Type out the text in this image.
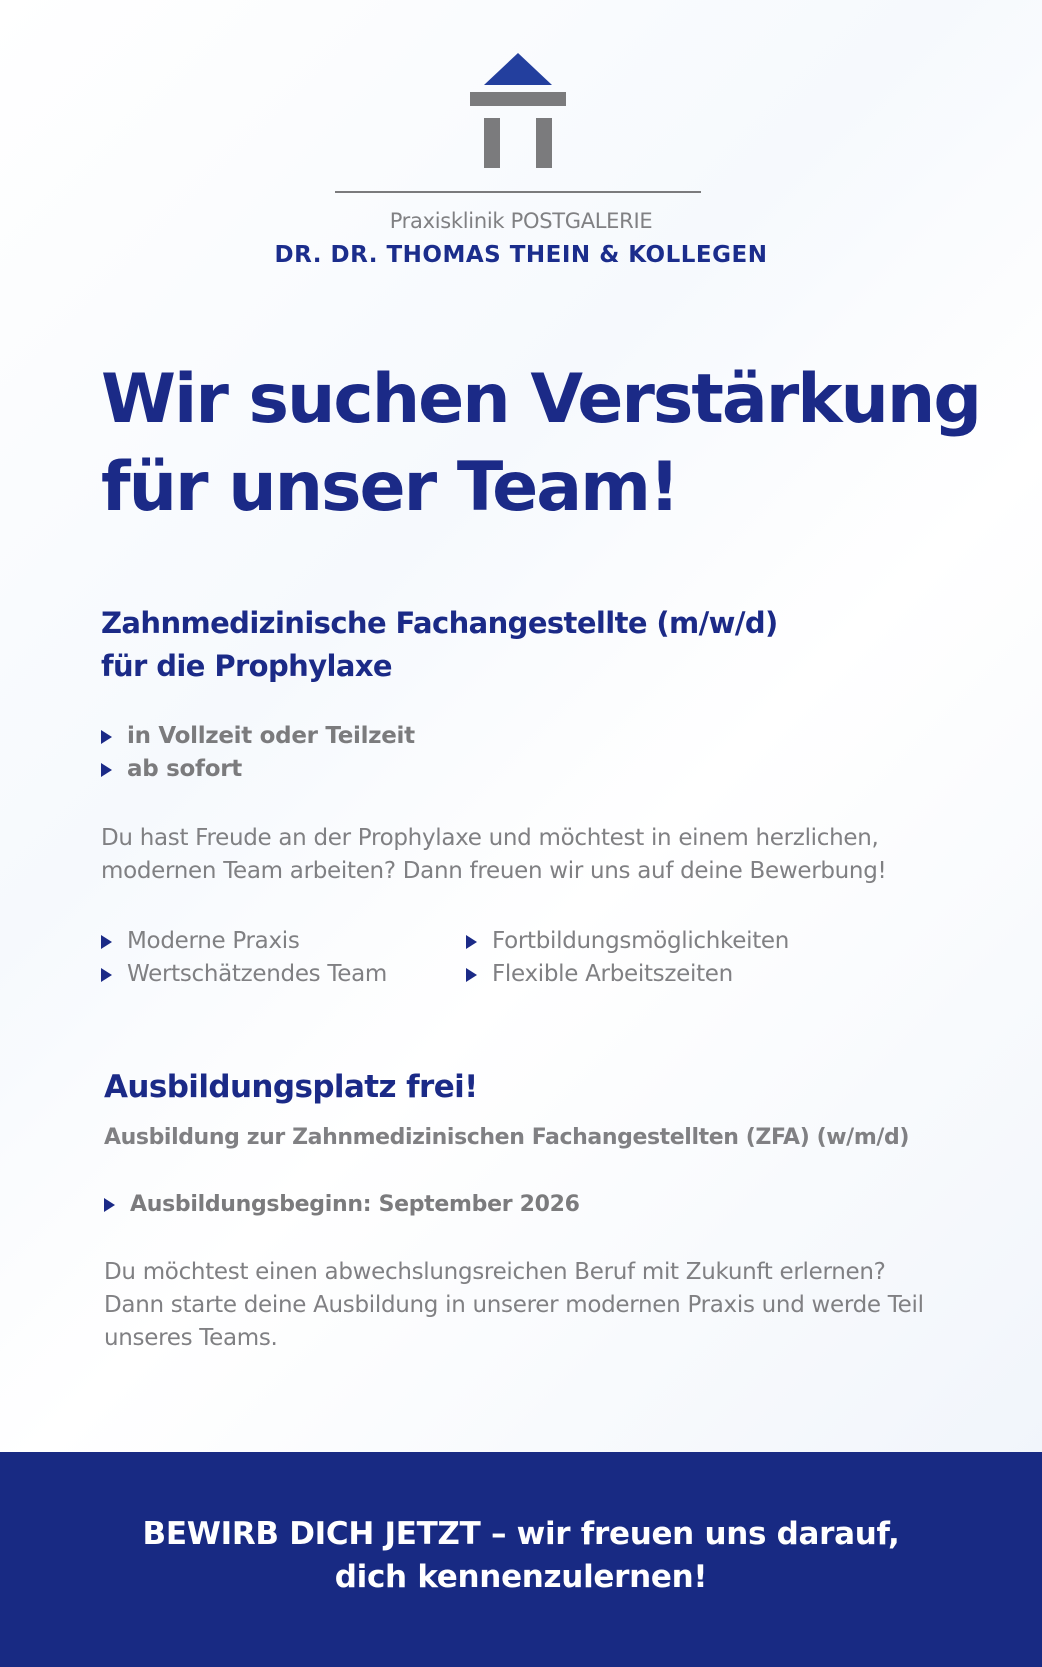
Praxisklinik POSTGALERIE
DR. DR. THOMAS THEIN & KOLLEGEN
Wir suchen Verstärkung
für unser Team!
Zahnmedizinische Fachangestellte (m/w/d)
für die Prophylaxe
in Vollzeit oder Teilzeit
ab sofort

Du hast Freude an der Prophylaxe und möchtest in einem herzlichen,
modernen Team arbeiten? Dann freuen wir uns auf deine Bewerbung!

Moderne Praxis
Wertschätzendes Team
Fortbildungsmöglichkeiten
Flexible Arbeitszeiten
Ausbildungsplatz frei!
Ausbildung zur Zahnmedizinischen Fachangestellten (ZFA) (w/m/d)
Ausbildungsbeginn: September 2026

Du möchtest einen abwechslungsreichen Beruf mit Zukunft erlernen?
Dann starte deine Ausbildung in unserer modernen Praxis und werde Teil
unseres Teams.

BEWIRB DICH JETZT – wir freuen uns darauf,
dich kennenzulernen!
